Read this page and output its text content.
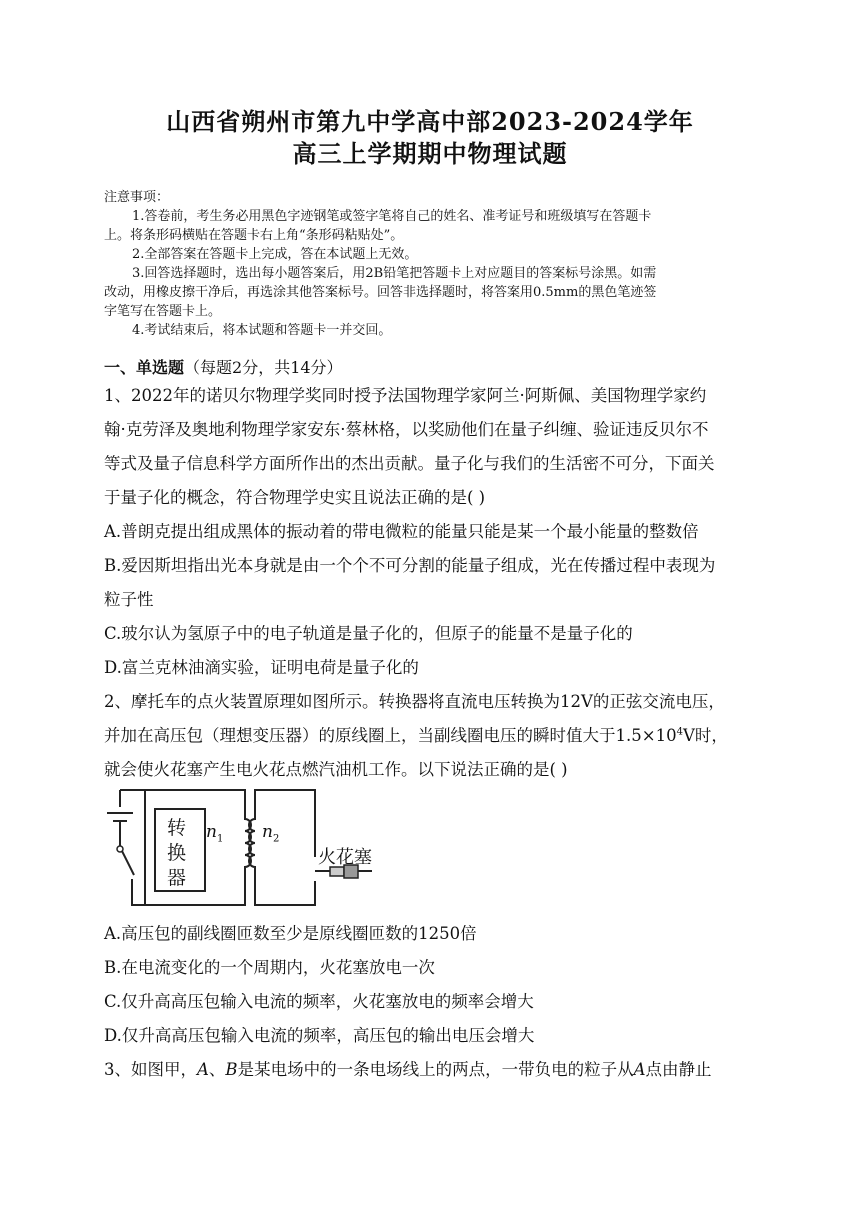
山西省朔州市第九中学高中部2023-2024学年
高三上学期期中物理试题

注意事项：

1.答卷前，考生务必用黑色字迹钢笔或签字笔将自己的姓名、准考证号和班级填写在答题卡

上。将条形码横贴在答题卡右上角“条形码粘贴处”。

2.全部答案在答题卡上完成，答在本试题上无效。

3.回答选择题时，选出每小题答案后，用2B铅笔把答题卡上对应题目的答案标号涂黑。如需

改动，用橡皮擦干净后，再选涂其他答案标号。回答非选择题时，将答案用0.5mm的黑色笔迹签

字笔写在答题卡上。

4.考试结束后，将本试题和答题卡一并交回。

一、单选题（每题2分，共14分）
1、2022年的诺贝尔物理学奖同时授予法国物理学家阿兰·阿斯佩、美国物理学家约
翰·克劳泽及奥地利物理学家安东·蔡林格，以奖励他们在量子纠缠、验证违反贝尔不
等式及量子信息科学方面所作出的杰出贡献。量子化与我们的生活密不可分，下面关
于量子化的概念，符合物理学史实且说法正确的是( )
A.普朗克提出组成黑体的振动着的带电微粒的能量只能是某一个最小能量的整数倍
B.爱因斯坦指出光本身就是由一个个不可分割的能量子组成，光在传播过程中表现为
粒子性
C.玻尔认为氢原子中的电子轨道是量子化的，但原子的能量不是量子化的
D.富兰克林油滴实验，证明电荷是量子化的
2、摩托车的点火装置原理如图所示。转换器将直流电压转换为12V的正弦交流电压，
并加在高压包（理想变压器）的原线圈上，当副线圈电压的瞬时值大于$1.5\times 10^4V$时，
就会使火花塞产生电火花点燃汽油机工作。以下说法正确的是( )
转
换
器
$n_1$ $n_2$
火花塞
A.高压包的副线圈匝数至少是原线圈匝数的1250倍
B.在电流变化的一个周期内，火花塞放电一次
C.仅升高高压包输入电流的频率，火花塞放电的频率会增大
D.仅升高高压包输入电流的频率，高压包的输出电压会增大
3、如图甲，A、B是某电场中的一条电场线上的两点，一带负电的粒子从A点由静止
